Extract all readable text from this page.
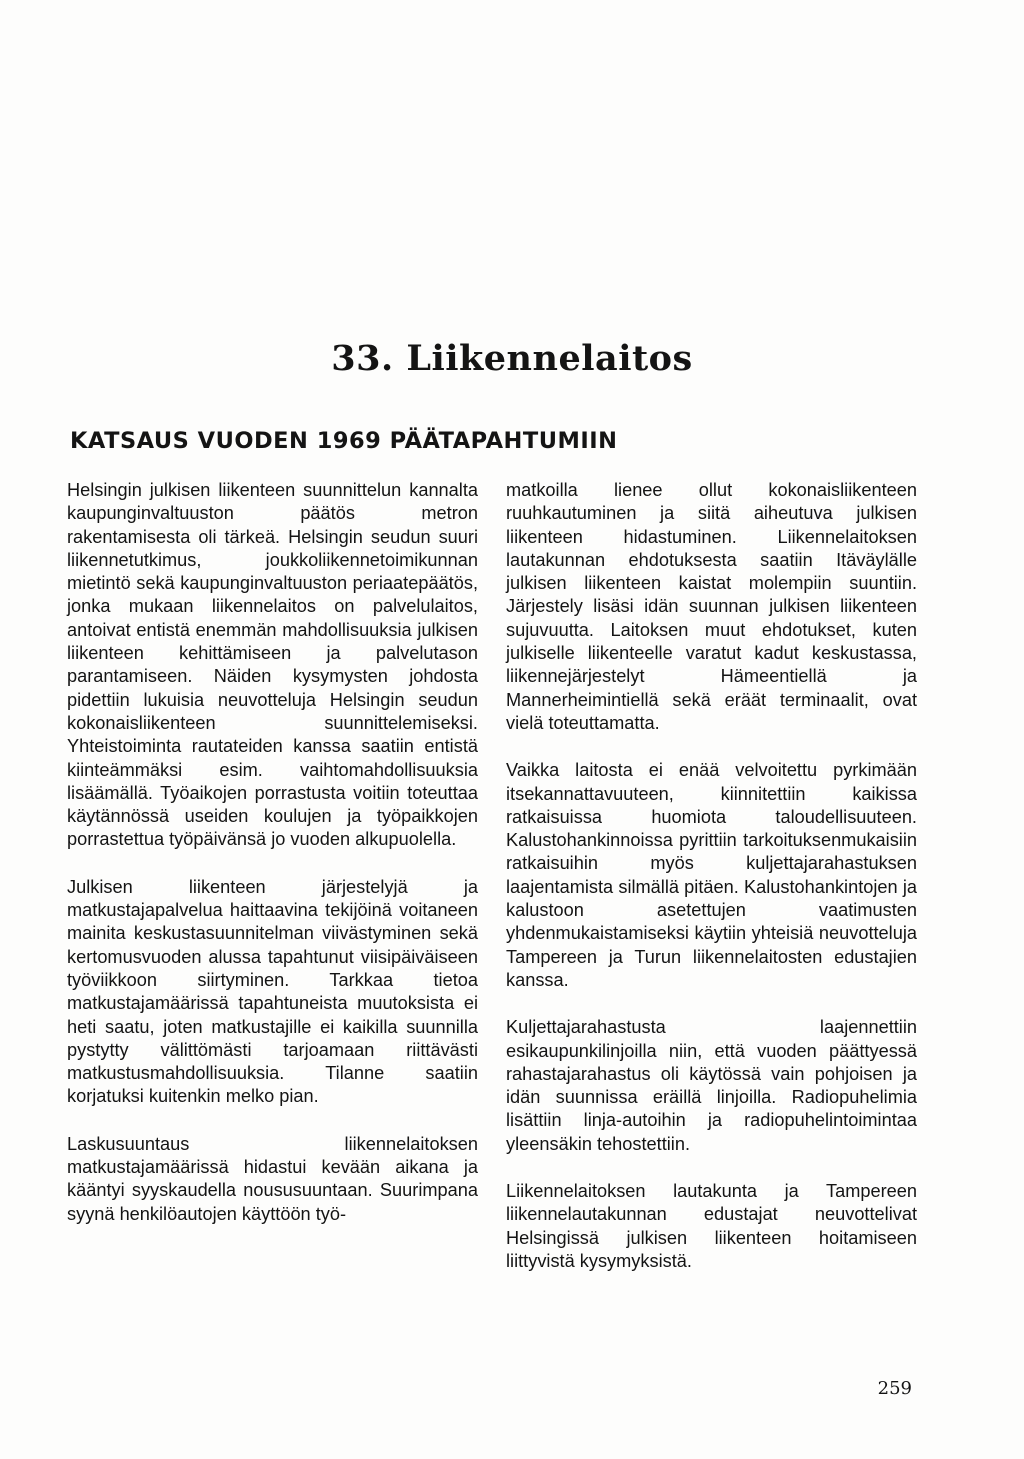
33. Liikennelaitos
KATSAUS VUODEN 1969 PÄÄTAPAHTUMIIN

Helsingin julkisen liikenteen suunnittelun kannalta kaupunginvaltuuston päätös metron rakentamisesta oli tärkeä. Helsingin seudun suuri liikennetutkimus, joukkoliikennetoimikunnan mietintö sekä kaupunginvaltuuston periaatepäätös, jonka mukaan liikennelaitos on palvelulaitos, antoivat entistä enemmän mahdollisuuksia julkisen liikenteen kehittämiseen ja palvelutason parantamiseen. Näiden kysymysten johdosta pidettiin lukuisia neuvotteluja Helsingin seudun kokonaisliikenteen suunnittelemiseksi. Yhteistoiminta rautateiden kanssa saatiin entistä kiinteämmäksi esim. vaihtomahdollisuuksia lisäämällä. Työaikojen porrastusta voitiin toteuttaa käytännössä useiden koulujen ja työpaikkojen porrastettua työpäivänsä jo vuoden alkupuolella.

Julkisen liikenteen järjestelyjä ja matkustajapalvelua haittaavina tekijöinä voitaneen mainita keskustasuunnitelman viivästyminen sekä kertomusvuoden alussa tapahtunut viisipäiväiseen työviikkoon siirtyminen. Tarkkaa tietoa matkustajamäärissä tapahtuneista muutoksista ei heti saatu, joten matkustajille ei kaikilla suunnilla pystytty välittömästi tarjoamaan riittävästi matkustusmahdollisuuksia. Tilanne saatiin korjatuksi kuitenkin melko pian.

Laskusuuntaus liikennelaitoksen matkustajamäärissä hidastui kevään aikana ja kääntyi syyskaudella noususuuntaan. Suurimpana syynä henkilöautojen käyttöön työ-

matkoilla lienee ollut kokonaisliikenteen ruuhkautuminen ja siitä aiheutuva julkisen liikenteen hidastuminen. Liikennelaitoksen lautakunnan ehdotuksesta saatiin Itäväylälle julkisen liikenteen kaistat molempiin suuntiin. Järjestely lisäsi idän suunnan julkisen liikenteen sujuvuutta. Laitoksen muut ehdotukset, kuten julkiselle liikenteelle varatut kadut keskustassa, liikennejärjestelyt Hämeentiellä ja Mannerheimintiellä sekä eräät terminaalit, ovat vielä toteuttamatta.

Vaikka laitosta ei enää velvoitettu pyrkimään itsekannattavuuteen, kiinnitettiin kaikissa ratkaisuissa huomiota taloudellisuuteen. Kalustohankinnoissa pyrittiin tarkoituksenmukaisiin ratkaisuihin myös kuljettajarahastuksen laajentamista silmällä pitäen. Kalustohankintojen ja kalustoon asetettujen vaatimusten yhdenmukaistamiseksi käytiin yhteisiä neuvotteluja Tampereen ja Turun liikennelaitosten edustajien kanssa.

Kuljettajarahastusta laajennettiin esikaupunkilinjoilla niin, että vuoden päättyessä rahastajarahastus oli käytössä vain pohjoisen ja idän suunnissa eräillä linjoilla. Radiopuhelimia lisättiin linja-autoihin ja radiopuhelintoimintaa yleensäkin tehostettiin.

Liikennelaitoksen lautakunta ja Tampereen liikennelautakunnan edustajat neuvottelivat Helsingissä julkisen liikenteen hoitamiseen liittyvistä kysymyksistä.

259
